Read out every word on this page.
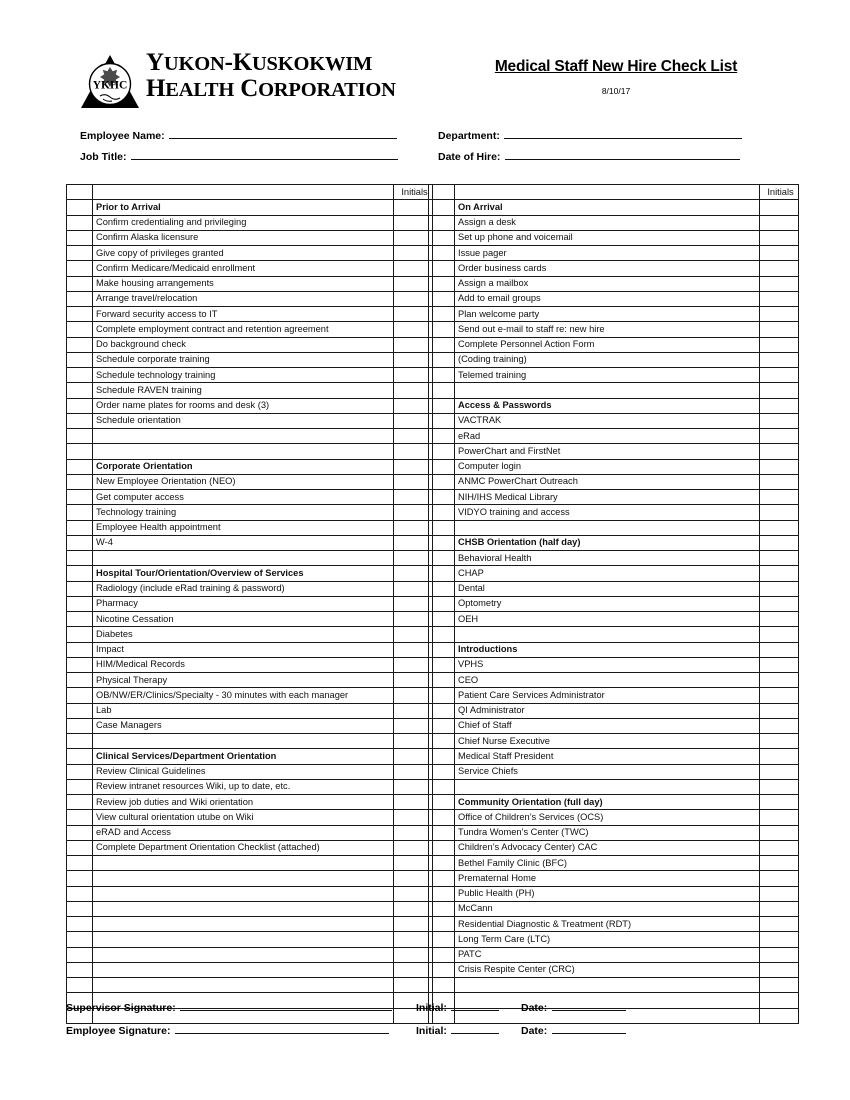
YKHC
YUKON-KUSKOKWIM
HEALTH CORPORATION
Medical Staff New Hire Check List
8/10/17
Employee Name:
Job Title:
Department:
Date of Hire:
		Initials
	Prior to Arrival	
	Confirm credentialing and privileging	
	Confirm Alaska licensure	
	Give copy of privileges granted	
	Confirm Medicare/Medicaid enrollment	
	Make housing arrangements	
	Arrange travel/relocation	
	Forward security access to IT	
	Complete employment contract and retention agreement	
	Do background check	
	Schedule corporate training	
	Schedule technology training	
	Schedule RAVEN training	
	Order name plates for rooms and desk (3)	
	Schedule orientation	

	Corporate Orientation	
	New Employee Orientation (NEO)	
	Get computer access	
	Technology training	
	Employee Health appointment	
	W-4	

	Hospital Tour/Orientation/Overview of Services	
	Radiology (include eRad training & password)	
	Pharmacy	
	Nicotine Cessation	
	Diabetes	
	Impact	
	HIM/Medical Records	
	Physical Therapy	
	OB/NW/ER/Clinics/Specialty - 30 minutes with each manager	
	Lab	
	Case Managers	

	Clinical Services/Department Orientation	
	Review Clinical Guidelines	
	Review intranet resources Wiki, up to date, etc.	
	Review job duties and Wiki orientation	
	View cultural orientation utube on Wiki	
	eRAD and Access	
	Complete Department Orientation Checklist (attached)	

		Initials
	On Arrival	
	Assign a desk	
	Set up phone and voicemail	
	Issue pager	
	Order business cards	
	Assign a mailbox	
	Add to email groups	
	Plan welcome party	
	Send out e-mail to staff re: new hire	
	Complete Personnel Action Form	
	(Coding training)	
	Telemed training	

	Access & Passwords	
	VACTRAK	
	eRad	
	PowerChart and FirstNet	
	Computer login	
	ANMC PowerChart Outreach	
	NIH/IHS Medical Library	
	VIDYO training and access	

	CHSB Orientation (half day)	
	Behavioral Health	
	CHAP	
	Dental	
	Optometry	
	OEH	

	Introductions	
	VPHS	
	CEO	
	Patient Care Services Administrator	
	QI Administrator	
	Chief of Staff	
	Chief Nurse Executive	
	Medical Staff President	
	Service Chiefs	

	Community Orientation (full day)	
	Office of Children’s Services (OCS)	
	Tundra Women’s Center (TWC)	
	Children’s Advocacy Center) CAC	
	Bethel Family Clinic (BFC)	
	Prematernal Home	
	Public Health (PH)	
	McCann	
	Residential Diagnostic & Treatment (RDT)	
	Long Term Care (LTC)	
	PATC	
	Crisis Respite Center (CRC)	

Supervisor Signature:	Initial:	Date:
Employee Signature:	Initial:	Date:
